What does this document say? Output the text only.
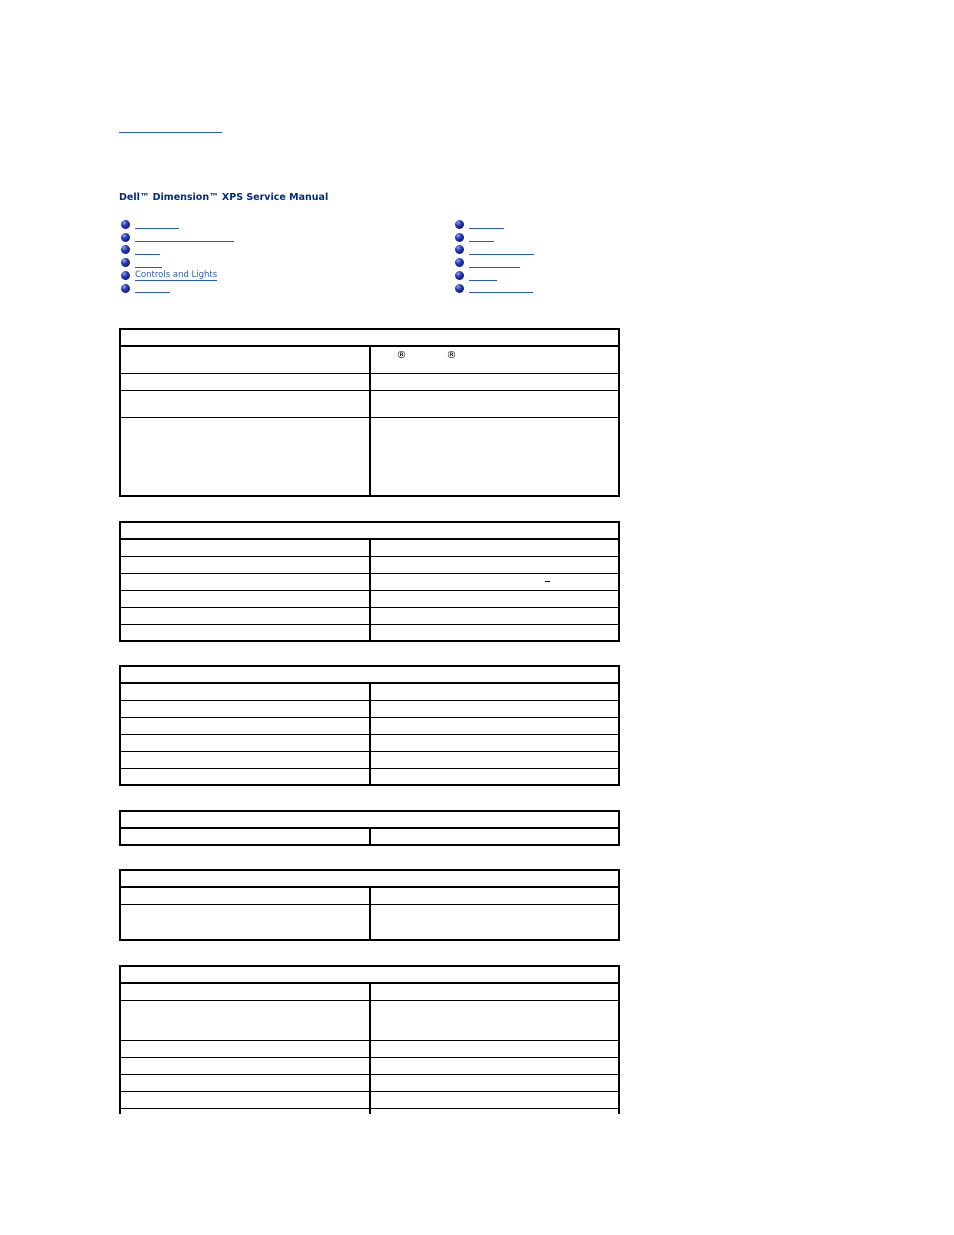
Dell™ Dimension™ XPS Service Manual
Controls and Lights

	® ®
